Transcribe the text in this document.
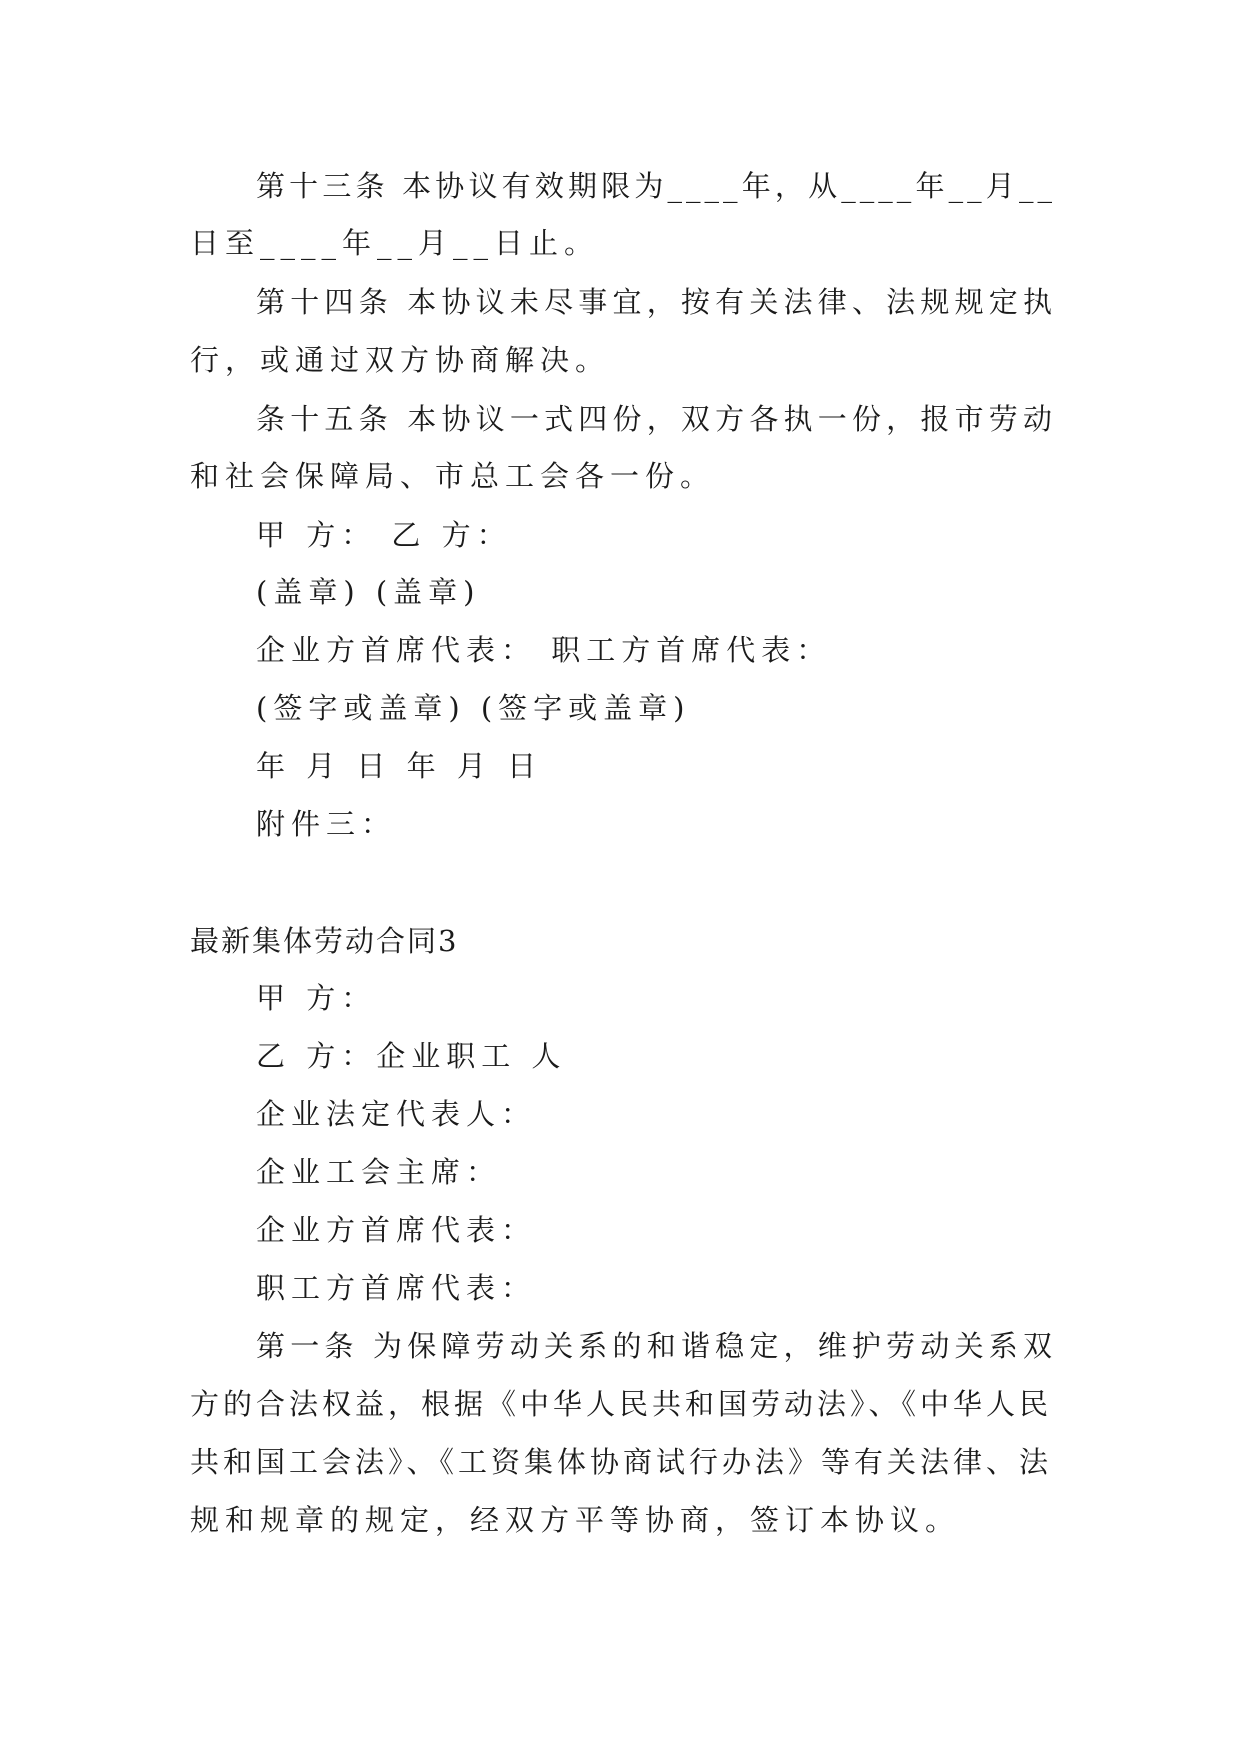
第十三条 本协议有效期限为____年，从____年__月__
日至____年__月__日止。
第十四条 本协议未尽事宜，按有关法律、法规规定执
行，或通过双方协商解决。
条十五条 本协议一式四份，双方各执一份，报市劳动
和社会保障局、市总工会各一份。
甲 方： 乙 方：
(盖章) (盖章)
企业方首席代表： 职工方首席代表：
(签字或盖章) (签字或盖章)
年 月 日 年 月 日
附件三：
最新集体劳动合同3
甲 方：
乙 方：企业职工 人
企业法定代表人：
企业工会主席：
企业方首席代表：
职工方首席代表：
第一条 为保障劳动关系的和谐稳定，维护劳动关系双
方的合法权益，根据《中华人民共和国劳动法》、《中华人民
共和国工会法》、《工资集体协商试行办法》等有关法律、法
规和规章的规定，经双方平等协商，签订本协议。
